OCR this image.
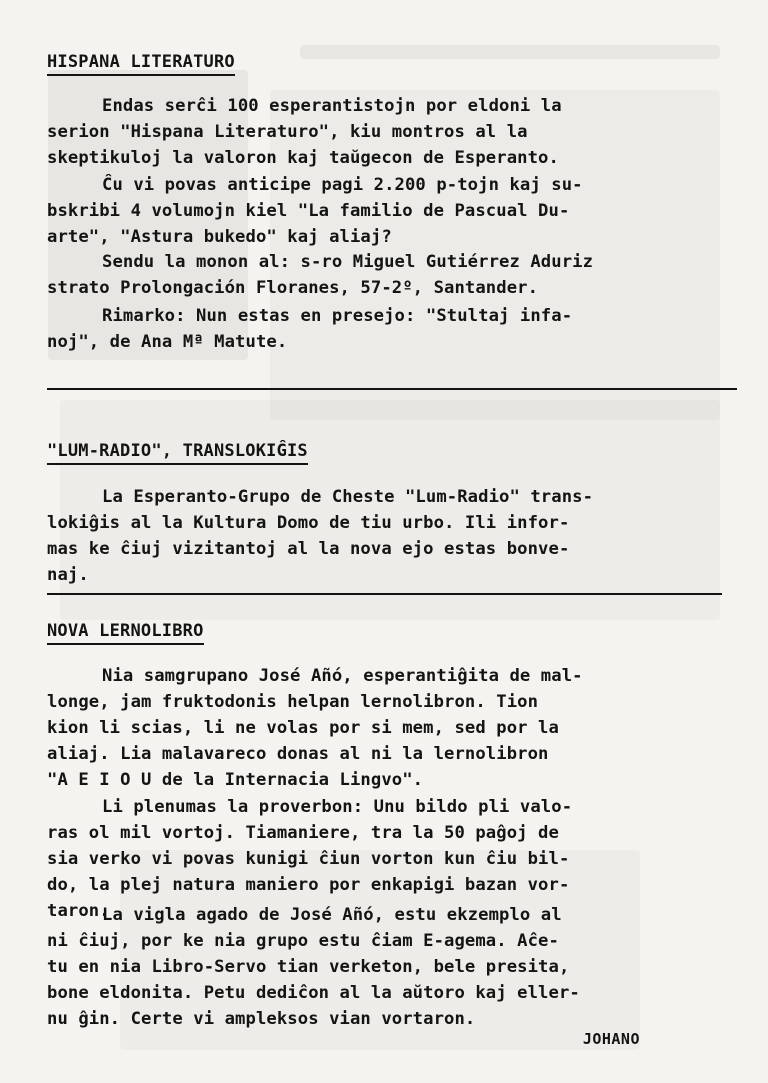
HISPANA LITERATURO
Endas serĉi 100 esperantistojn por eldoni la
serion "Hispana Literaturo", kiu montros al la
skeptikuloj la valoron kaj taŭgecon de Esperanto.
Ĉu vi povas anticipe pagi 2.200 p-tojn kaj su-
bskribi 4 volumojn kiel "La familio de Pascual Du-
arte", "Astura bukedo" kaj aliaj?
Sendu la monon al: s-ro Miguel Gutiérrez Aduriz
strato Prolongación Floranes, 57-2º, Santander.
Rimarko: Nun estas en presejo: "Stultaj infa-
noj", de Ana Mª Matute.
"LUM-RADIO", TRANSLOKIĜIS
La Esperanto-Grupo de Cheste "Lum-Radio" trans-
lokiĝis al la Kultura Domo de tiu urbo. Ili infor-
mas ke ĉiuj vizitantoj al la nova ejo estas bonve-
naj.
NOVA LERNOLIBRO
Nia samgrupano José Añó, esperantiĝita de mal-
longe, jam fruktodonis helpan lernolibron. Tion
kion li scias, li ne volas por si mem, sed por la
aliaj. Lia malavareco donas al ni la lernolibron
"A E I O U de la Internacia Lingvo".
Li plenumas la proverbon: Unu bildo pli valo-
ras ol mil vortoj. Tiamaniere, tra la 50 paĝoj de
sia verko vi povas kunigi ĉiun vorton kun ĉiu bil-
do, la plej natura maniero por enkapigi bazan vor-
taron.
La vigla agado de José Añó, estu ekzemplo al
ni ĉiuj, por ke nia grupo estu ĉiam E-agema. Aĉe-
tu en nia Libro-Servo tian verketon, bele presita,
bone eldonita. Petu dediĉon al la aŭtoro kaj eller-
nu ĝin. Certe vi ampleksos vian vortaron.
JOHANO
